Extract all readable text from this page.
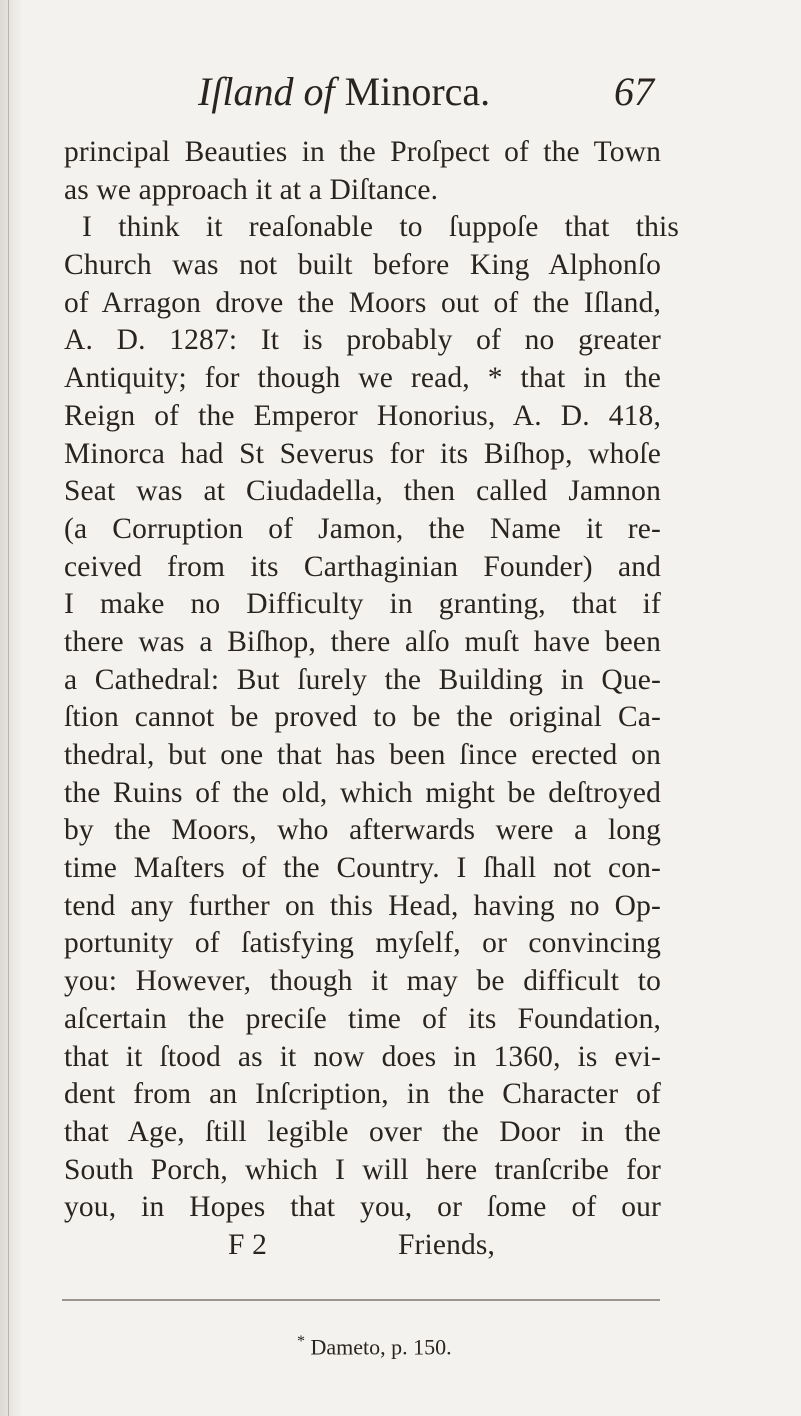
Iſland of Minorca.	67
principal Beauties in the Proſpect of the Town
as we approach it at a Diſtance.
I think it reaſonable to ſuppoſe that this
Church was not built before King Alphonſo
of Arragon drove the Moors out of the Iſland,
A. D. 1287: It is probably of no greater
Antiquity; for though we read, * that in the
Reign of the Emperor Honorius, A. D. 418,
Minorca had St Severus for its Biſhop, whoſe
Seat was at Ciudadella, then called Jamnon
(a Corruption of Jamon, the Name it re-
ceived from its Carthaginian Founder) and
I make no Difficulty in granting, that if
there was a Biſhop, there alſo muſt have been
a Cathedral: But ſurely the Building in Que-
ſtion cannot be proved to be the original Ca-
thedral, but one that has been ſince erected on
the Ruins of the old, which might be deſtroyed
by the Moors, who afterwards were a long
time Maſters of the Country. I ſhall not con-
tend any further on this Head, having no Op-
portunity of ſatisfying myſelf, or convincing
you: However, though it may be difficult to
aſcertain the preciſe time of its Foundation,
that it ſtood as it now does in 1360, is evi-
dent from an Inſcription, in the Character of
that Age, ſtill legible over the Door in the
South Porch, which I will here tranſcribe for
you, in Hopes that you, or ſome of our
F 2	Friends,
* Dameto, p. 150.
